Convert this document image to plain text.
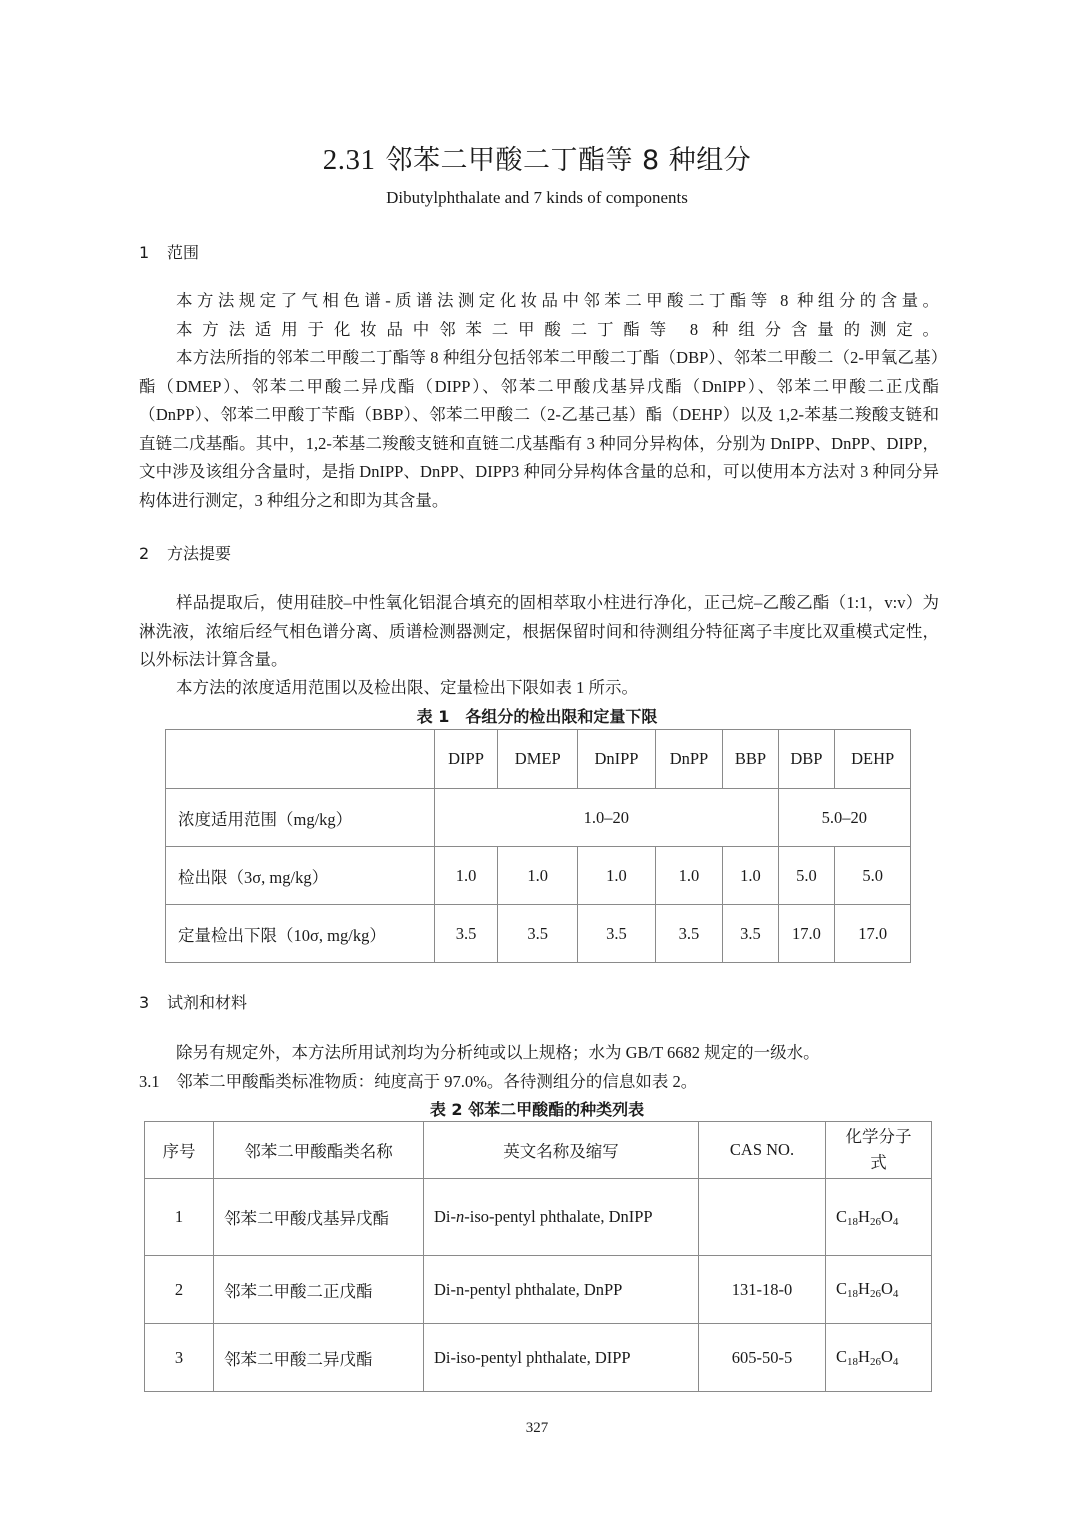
2.31 邻苯二甲酸二丁酯等 8 种组分
Dibutylphthalate and 7 kinds of components
1 范围
本方法规定了气相色谱-质谱法测定化妆品中邻苯二甲酸二丁酯等 8 种组分的含量。
本方法适用于化妆品中邻苯二甲酸二丁酯等 8 种组分含量的测定。
本方法所指的邻苯二甲酸二丁酯等 8 种组分包括邻苯二甲酸二丁酯（DBP）、邻苯二甲酸二（2-甲氧乙基）酯（DMEP）、邻苯二甲酸二异戊酯（DIPP）、邻苯二甲酸戊基异戊酯（DnIPP）、邻苯二甲酸二正戊酯（DnPP）、邻苯二甲酸丁苄酯（BBP）、邻苯二甲酸二（2-乙基己基）酯（DEHP）以及 1,2-苯基二羧酸支链和直链二戊基酯。其中，1,2-苯基二羧酸支链和直链二戊基酯有 3 种同分异构体，分别为 DnIPP、DnPP、DIPP，文中涉及该组分含量时，是指 DnIPP、DnPP、DIPP3 种同分异构体含量的总和，可以使用本方法对 3 种同分异构体进行测定，3 种组分之和即为其含量。
2 方法提要
样品提取后，使用硅胶–中性氧化铝混合填充的固相萃取小柱进行净化，正己烷–乙酸乙酯（1:1，v:v）为淋洗液，浓缩后经气相色谱分离、质谱检测器测定，根据保留时间和待测组分特征离子丰度比双重模式定性，以外标法计算含量。
本方法的浓度适用范围以及检出限、定量检出下限如表 1 所示。
表 1　各组分的检出限和定量下限
	DIPP	DMEP	DnIPP	DnPP	BBP	DBP	DEHP
浓度适用范围（mg/kg）	1.0–20					5.0–20	
检出限（3σ, mg/kg）	1.0	1.0	1.0	1.0	1.0	5.0	5.0
定量检出下限（10σ, mg/kg）	3.5	3.5	3.5	3.5	3.5	17.0	17.0
3 试剂和材料
除另有规定外，本方法所用试剂均为分析纯或以上规格；水为 GB/T 6682 规定的一级水。
3.1　邻苯二甲酸酯类标准物质：纯度高于 97.0%。各待测组分的信息如表 2。
表 2 邻苯二甲酸酯的种类列表
序号	邻苯二甲酸酯类名称	英文名称及缩写	CAS NO.	化学分子式
1	邻苯二甲酸戊基异戊酯	Di-n-iso-pentyl phthalate, DnIPP		$C_{18}H_{26}O_4$
2	邻苯二甲酸二正戊酯	Di-n-pentyl phthalate, DnPP	131-18-0	$C_{18}H_{26}O_4$
3	邻苯二甲酸二异戊酯	Di-iso-pentyl phthalate, DIPP	605-50-5	$C_{18}H_{26}O_4$
327
